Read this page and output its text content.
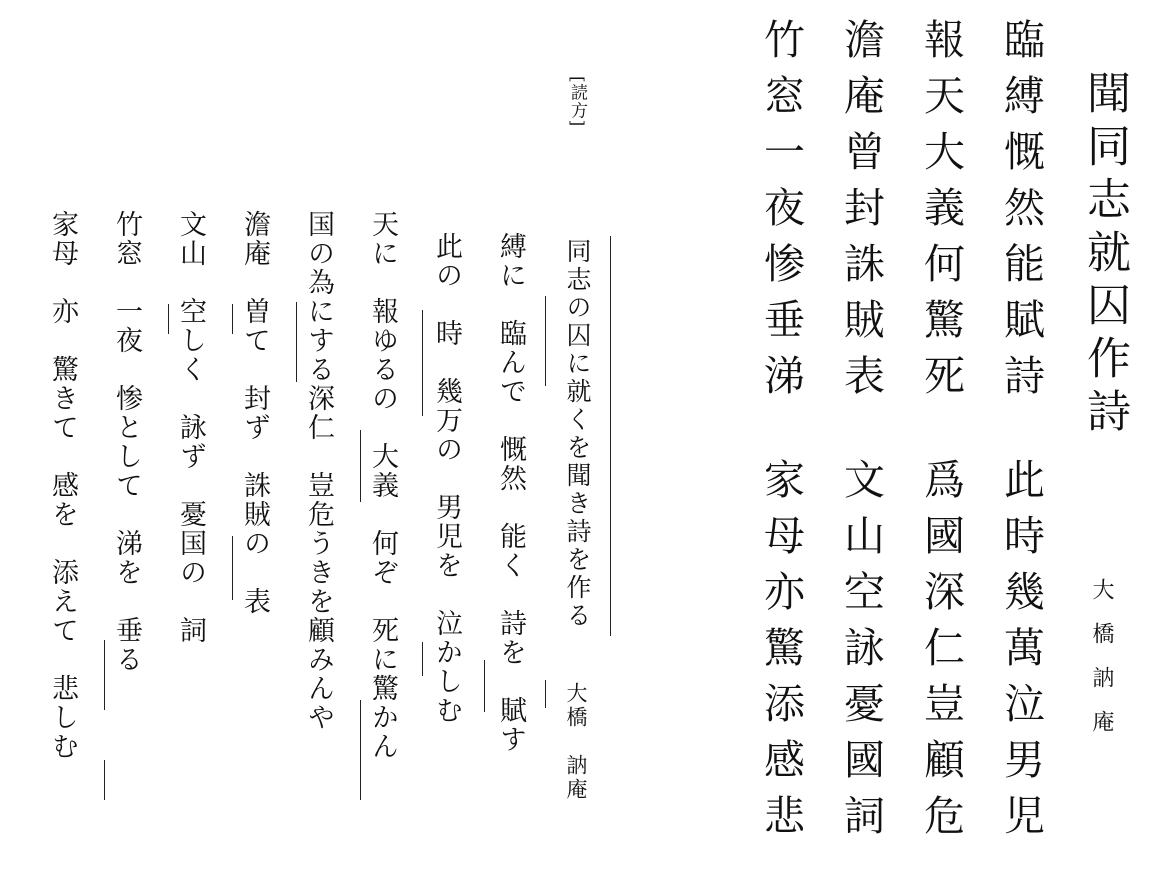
聞同志就囚作詩
大橋訥庵
臨縛慨然能賦詩
此時幾萬泣男児
報天大義何驚死
爲國深仁豈顧危
澹庵曾封誅賊表
文山空詠憂國詞
竹窓一夜惨垂涕
家母亦驚添感悲
[読方]
同志の囚に就くを聞き詩を作る
大橋　訥庵
縛に　臨んで　慨然　能く　詩を　賦す
此の　時　幾万の　男児を　泣かしむ
天に　報ゆるの　大義　何ぞ　死に驚かん
国の為にする深仁　豈危うきを顧みんや
澹庵　曽て　封ず　誅賊の　表
文山　空しく　詠ず　憂国の　詞
竹窓　一夜　惨として　涕を　垂る
家母　亦　驚きて　感を　添えて　悲しむ
